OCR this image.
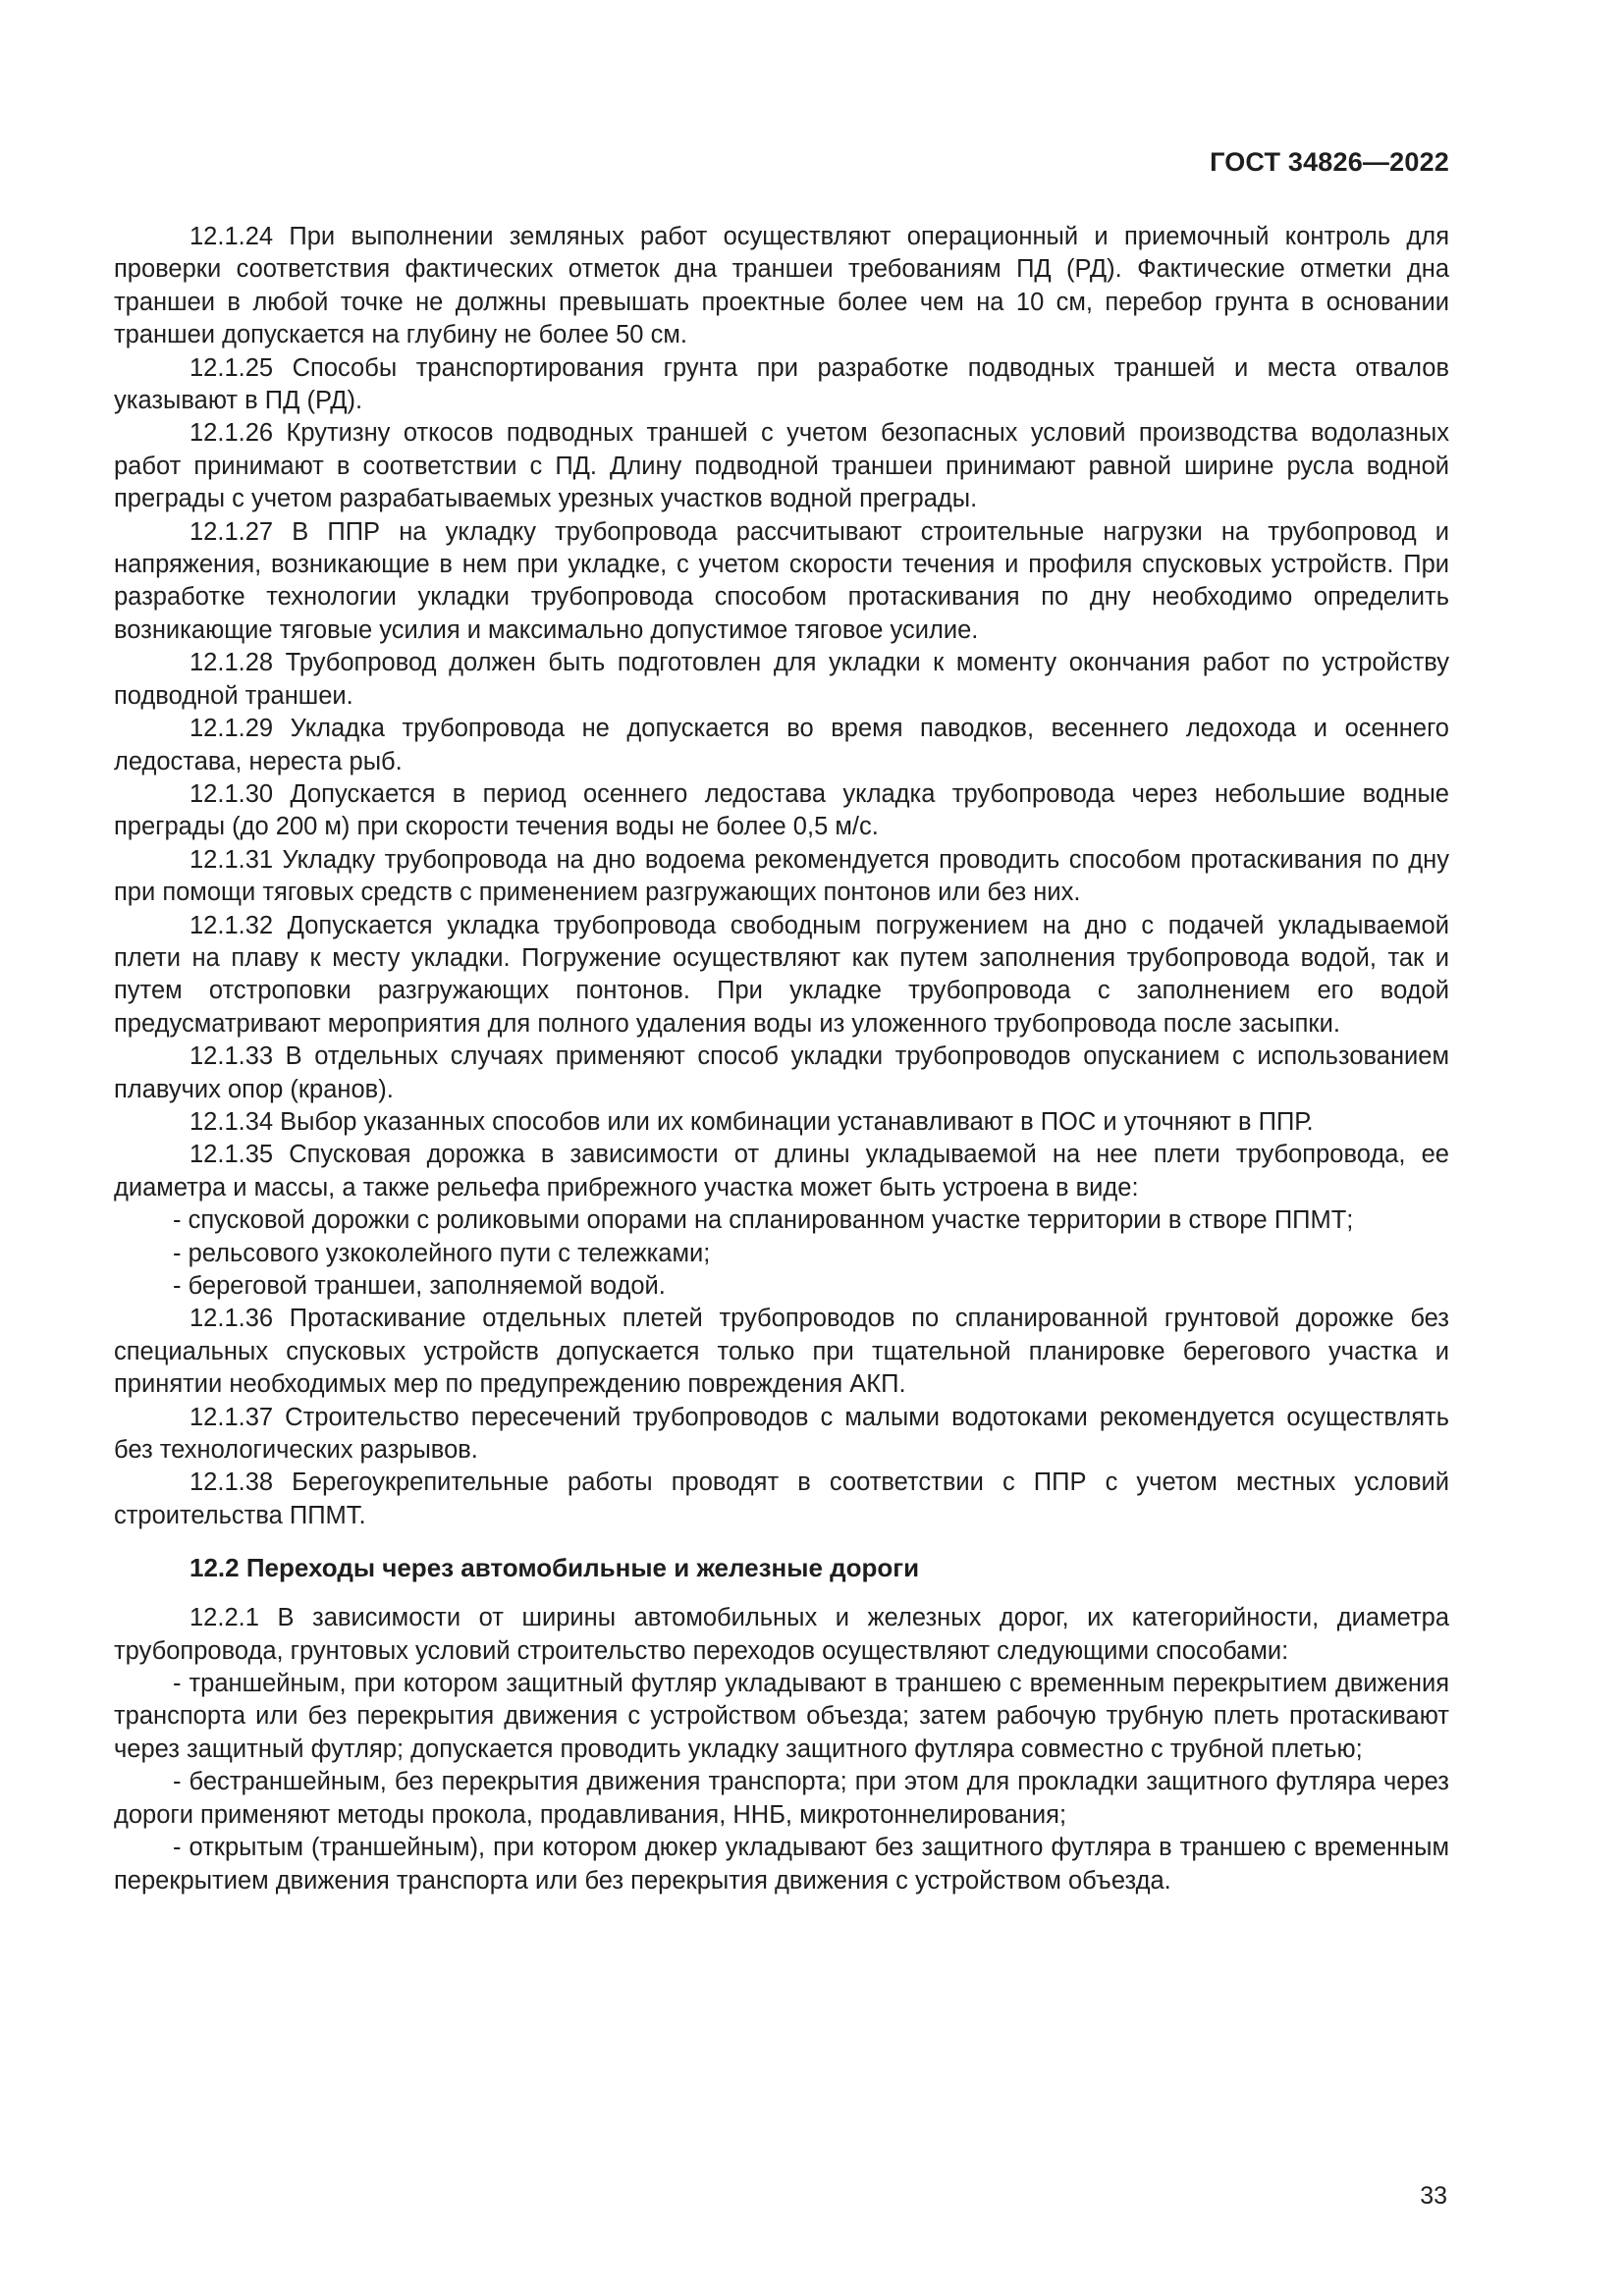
ГОСТ 34826—2022

12.1.24 При выполнении земляных работ осуществляют операционный и приемочный контроль для проверки соответствия фактических отметок дна траншеи требованиям ПД (РД). Фактические отметки дна траншеи в любой точке не должны превышать проектные более чем на 10 см, перебор грунта в основании траншеи допускается на глубину не более 50 см.

12.1.25 Способы транспортирования грунта при разработке подводных траншей и места отвалов указывают в ПД (РД).

12.1.26 Крутизну откосов подводных траншей с учетом безопасных условий производства водолазных работ принимают в соответствии с ПД. Длину подводной траншеи принимают равной ширине русла водной преграды с учетом разрабатываемых урезных участков водной преграды.

12.1.27 В ППР на укладку трубопровода рассчитывают строительные нагрузки на трубопровод и напряжения, возникающие в нем при укладке, с учетом скорости течения и профиля спусковых устройств. При разработке технологии укладки трубопровода способом протаскивания по дну необходимо определить возникающие тяговые усилия и максимально допустимое тяговое усилие.

12.1.28 Трубопровод должен быть подготовлен для укладки к моменту окончания работ по устройству подводной траншеи.

12.1.29 Укладка трубопровода не допускается во время паводков, весеннего ледохода и осеннего ледостава, нереста рыб.

12.1.30 Допускается в период осеннего ледостава укладка трубопровода через небольшие водные преграды (до 200 м) при скорости течения воды не более 0,5 м/с.

12.1.31 Укладку трубопровода на дно водоема рекомендуется проводить способом протаскивания по дну при помощи тяговых средств с применением разгружающих понтонов или без них.

12.1.32 Допускается укладка трубопровода свободным погружением на дно с подачей укладываемой плети на плаву к месту укладки. Погружение осуществляют как путем заполнения трубопровода водой, так и путем отстроповки разгружающих понтонов. При укладке трубопровода с заполнением его водой предусматривают мероприятия для полного удаления воды из уложенного трубопровода после засыпки.

12.1.33 В отдельных случаях применяют способ укладки трубопроводов опусканием с использованием плавучих опор (кранов).

12.1.34 Выбор указанных способов или их комбинации устанавливают в ПОС и уточняют в ППР.

12.1.35 Спусковая дорожка в зависимости от длины укладываемой на нее плети трубопровода, ее диаметра и массы, а также рельефа прибрежного участка может быть устроена в виде:

- спусковой дорожки с роликовыми опорами на спланированном участке территории в створе ППМТ;

- рельсового узкоколейного пути с тележками;

- береговой траншеи, заполняемой водой.

12.1.36 Протаскивание отдельных плетей трубопроводов по спланированной грунтовой дорожке без специальных спусковых устройств допускается только при тщательной планировке берегового участка и принятии необходимых мер по предупреждению повреждения АКП.

12.1.37 Строительство пересечений трубопроводов с малыми водотоками рекомендуется осуществлять без технологических разрывов.

12.1.38 Берегоукрепительные работы проводят в соответствии с ППР с учетом местных условий строительства ППМТ.

12.2 Переходы через автомобильные и железные дороги

12.2.1 В зависимости от ширины автомобильных и железных дорог, их категорийности, диаметра трубопровода, грунтовых условий строительство переходов осуществляют следующими способами:

- траншейным, при котором защитный футляр укладывают в траншею с временным перекрытием движения транспорта или без перекрытия движения с устройством объезда; затем рабочую трубную плеть протаскивают через защитный футляр; допускается проводить укладку защитного футляра совместно с трубной плетью;

- бестраншейным, без перекрытия движения транспорта; при этом для прокладки защитного футляра через дороги применяют методы прокола, продавливания, ННБ, микротоннелирования;

- открытым (траншейным), при котором дюкер укладывают без защитного футляра в траншею с временным перекрытием движения транспорта или без перекрытия движения с устройством объезда.

33
